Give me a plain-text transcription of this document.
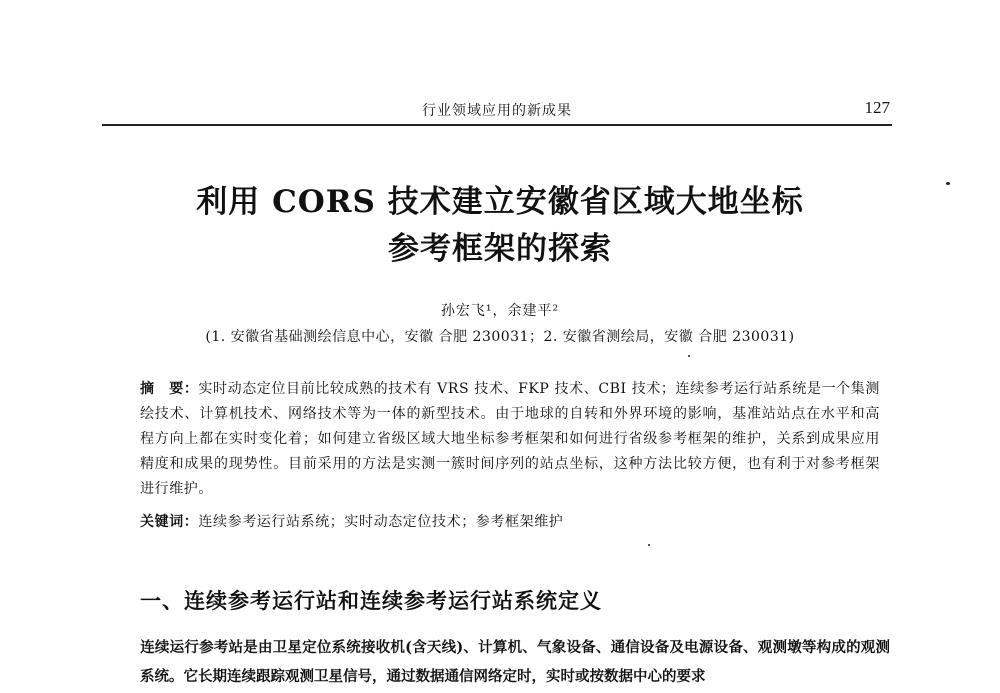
行业领域应用的新成果	127
利用 CORS 技术建立安徽省区域大地坐标
参考框架的探索
孙宏飞¹，余建平²
(1. 安徽省基础测绘信息中心，安徽 合肥 230031；2. 安徽省测绘局，安徽 合肥 230031)
摘　要：实时动态定位目前比较成熟的技术有 VRS 技术、FKP 技术、CBI 技术；连续参考运行站系统是一个集测绘技术、计算机技术、网络技术等为一体的新型技术。由于地球的自转和外界环境的影响，基准站站点在水平和高程方向上都在实时变化着；如何建立省级区域大地坐标参考框架和如何进行省级参考框架的维护，关系到成果应用精度和成果的现势性。目前采用的方法是实测一簇时间序列的站点坐标，这种方法比较方便，也有利于对参考框架进行维护。
关键词：连续参考运行站系统；实时动态定位技术；参考框架维护
一、连续参考运行站和连续参考运行站系统定义
连续运行参考站是由卫星定位系统接收机(含天线)、计算机、气象设备、通信设备及电源设备、观测墩等构成的观测系统。它长期连续跟踪观测卫星信号，通过数据通信网络定时，实时或按数据中心的要求
